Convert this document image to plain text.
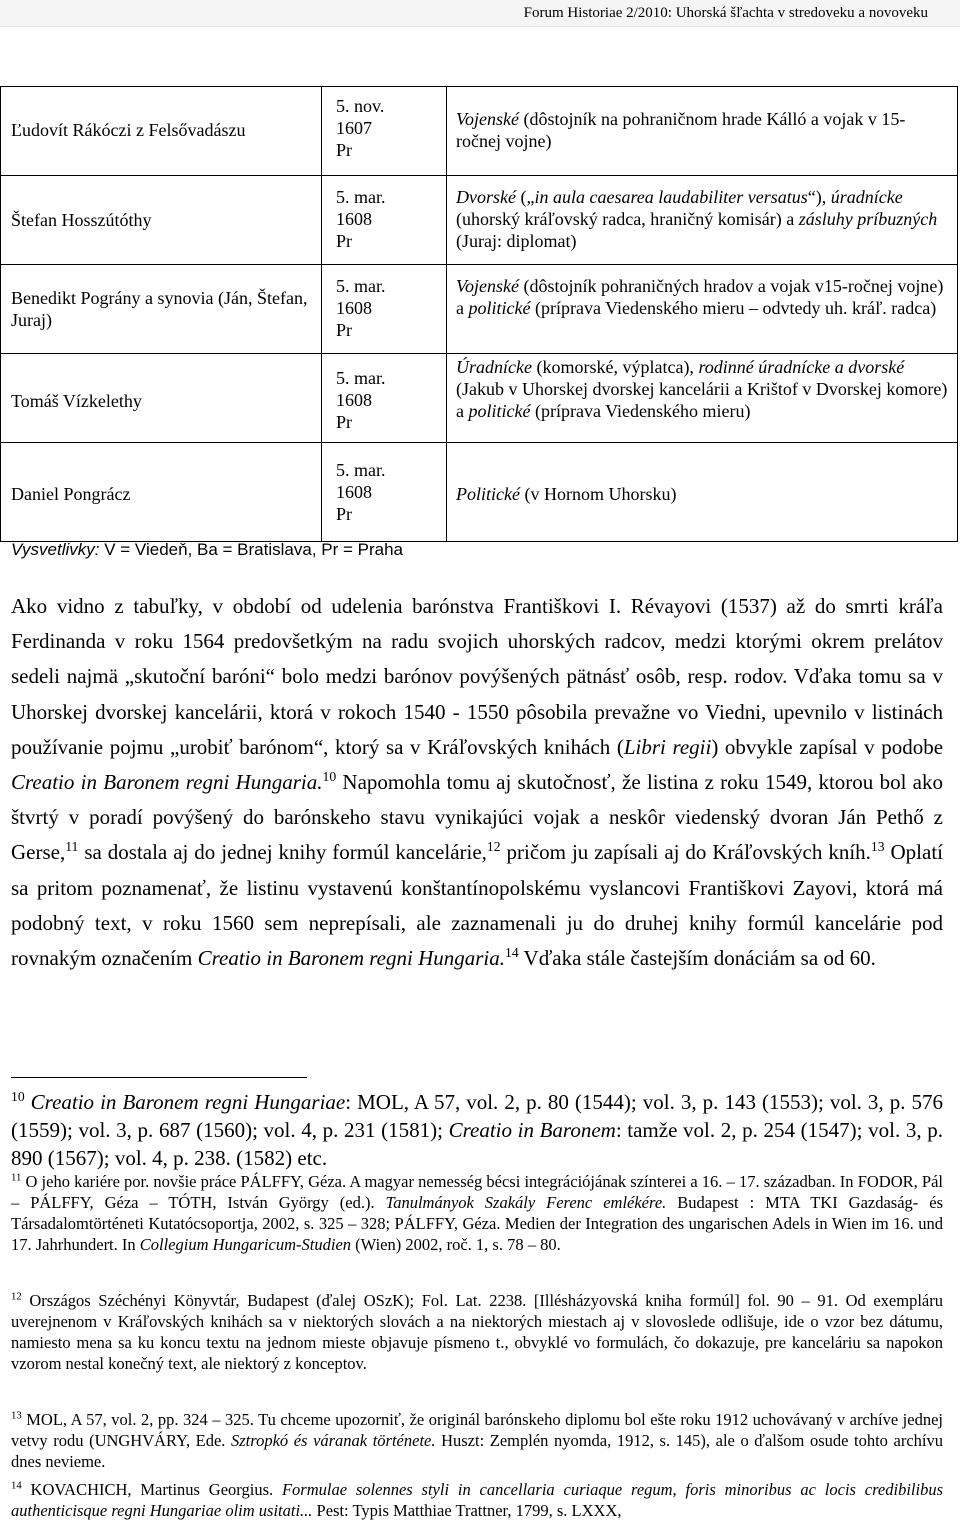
Forum Historiae 2/2010: Uhorská šľachta v stredoveku a novoveku
Ľudovít Rákóczi z Felsővadászu
5. nov.
1607
Pr
Vojenské (dôstojník na pohraničnom hrade Kálló a vojak v 15-ročnej vojne)
Štefan Hosszútóthy
5. mar.
1608
Pr
Dvorské („in aula caesarea laudabiliter versatus“), úradnícke (uhorský kráľovský radca, hraničný komisár) a zásluhy príbuzných (Juraj: diplomat)
Benedikt Pográny a synovia (Ján, Štefan, Juraj)
5. mar.
1608
Pr
Vojenské (dôstojník pohraničných hradov a vojak v15-ročnej vojne) a politické (príprava Viedenského mieru – odvtedy uh. kráľ. radca)
Tomáš Vízkelethy
5. mar.
1608
Pr
Úradnícke (komorské, výplatca), rodinné úradnícke a dvorské (Jakub v Uhorskej dvorskej kancelárii a Krištof v Dvorskej komore) a politické (príprava Viedenského mieru)
Daniel Pongrácz
5. mar.
1608
Pr
Politické (v Hornom Uhorsku)
Vysvetlivky: V = Viedeň, Ba = Bratislava, Pr = Praha
Ako vidno z tabuľky, v období od udelenia barónstva Františkovi I. Révayovi (1537) až do smrti kráľa Ferdinanda v roku 1564 predovšetkým na radu svojich uhorských radcov, medzi ktorými okrem prelátov sedeli najmä „skutoční baróni“ bolo medzi barónov povýšených pätnásť osôb, resp. rodov. Vďaka tomu sa v Uhorskej dvorskej kancelárii, ktorá v rokoch 1540 - 1550 pôsobila prevažne vo Viedni, upevnilo v listinách používanie pojmu „urobiť barónom“, ktorý sa v Kráľovských knihách (Libri regii) obvykle zapísal v podobe Creatio in Baronem regni Hungaria.$^{10}$ Napomohla tomu aj skutočnosť, že listina z roku 1549, ktorou bol ako štvrtý v poradí povýšený do barónskeho stavu vynikajúci vojak a neskôr viedenský dvoran Ján Pethő z Gerse,$^{11}$ sa dostala aj do jednej knihy formúl kancelárie,$^{12}$ pričom ju zapísali aj do Kráľovských kníh.$^{13}$ Oplatí sa pritom poznamenať, že listinu vystavenú konštantínopolskému vyslancovi Františkovi Zayovi, ktorá má podobný text, v roku 1560 sem neprepísali, ale zaznamenali ju do druhej knihy formúl kancelárie pod rovnakým označením Creatio in Baronem regni Hungaria.$^{14}$ Vďaka stále častejším donáciám sa od 60.
$^{10}$ Creatio in Baronem regni Hungariae: MOL, A 57, vol. 2, p. 80 (1544); vol. 3, p. 143 (1553); vol. 3, p. 576 (1559); vol. 3, p. 687 (1560); vol. 4, p. 231 (1581); Creatio in Baronem: tamže vol. 2, p. 254 (1547); vol. 3, p. 890 (1567); vol. 4, p. 238. (1582) etc.
$^{11}$ O jeho kariére por. novšie práce PÁLFFY, Géza. A magyar nemesség bécsi integrációjának színterei a 16. – 17. században. In FODOR, Pál – PÁLFFY, Géza – TÓTH, István György (ed.). Tanulmányok Szakály Ferenc emlékére. Budapest : MTA TKI Gazdaság- és Társadalomtörténeti Kutatócsoportja, 2002, s. 325 – 328; PÁLFFY, Géza. Medien der Integration des ungarischen Adels in Wien im 16. und 17. Jahrhundert. In Collegium Hungaricum-Studien (Wien) 2002, roč. 1, s. 78 – 80.
$^{12}$ Országos Széchényi Könyvtár, Budapest (ďalej OSzK); Fol. Lat. 2238. [Illésházyovská kniha formúl] fol. 90 – 91. Od exempláru uverejnenom v Kráľovských knihách sa v niektorých slovách a na niektorých miestach aj v slovoslede odlišuje, ide o vzor bez dátumu, namiesto mena sa ku koncu textu na jednom mieste objavuje písmeno t., obvyklé vo formulách, čo dokazuje, pre kanceláriu sa napokon vzorom nestal konečný text, ale niektorý z konceptov.
$^{13}$ MOL, A 57, vol. 2, pp. 324 – 325. Tu chceme upozorniť, že originál barónskeho diplomu bol ešte roku 1912 uchovávaný v archíve jednej vetvy rodu (UNGHVÁRY, Ede. Sztropkó és váranak története. Huszt: Zemplén nyomda, 1912, s. 145), ale o ďalšom osude tohto archívu dnes nevieme.
$^{14}$ KOVACHICH, Martinus Georgius. Formulae solennes styli in cancellaria curiaque regum, foris minoribus ac locis credibilibus authenticisque regni Hungariae olim usitati... Pest: Typis Matthiae Trattner, 1799, s. LXXX,
